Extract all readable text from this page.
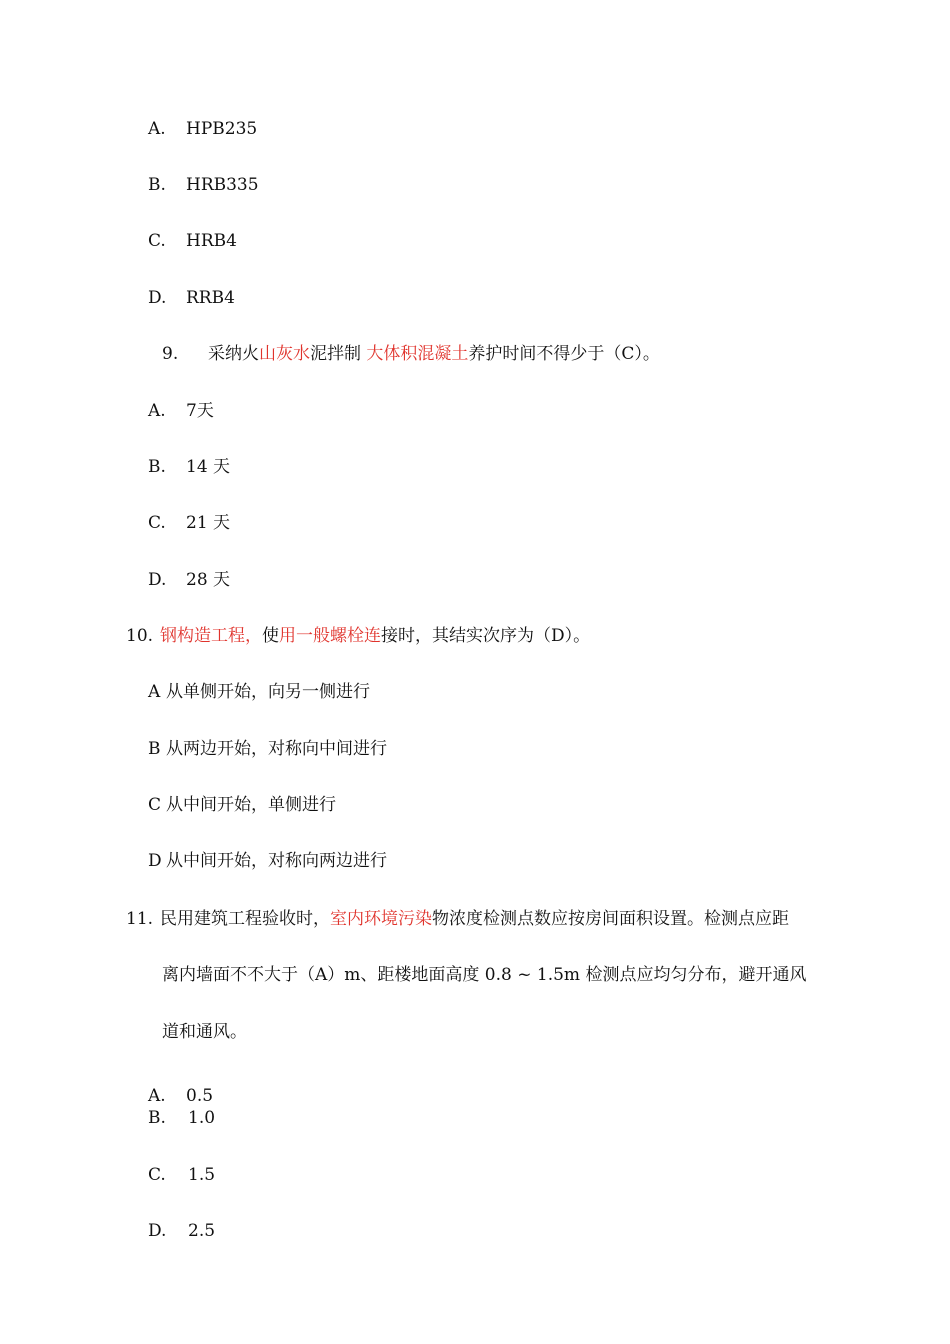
A. HPB235
B. HRB335
C. HRB4
D. RRB4
9. 采纳火山灰水泥拌制 大体积混凝土养护时间不得少于（C）。
A. 7天
B. 14 天
C. 21 天
D. 28 天
10. 钢构造工程，使用一般螺栓连接时，其结实次序为（D）。
A 从单侧开始，向另一侧进行
B 从两边开始，对称向中间进行
C 从中间开始，单侧进行
D 从中间开始，对称向两边进行
11. 民用建筑工程验收时，室内环境污染物浓度检测点数应按房间面积设置。检测点应距
离内墙面不不大于（A）m、距楼地面高度 0.8 ~ 1.5m 检测点应均匀分布，避开通风
道和通风。
A. 0.5
B. 1.0
C. 1.5
D. 2.5
